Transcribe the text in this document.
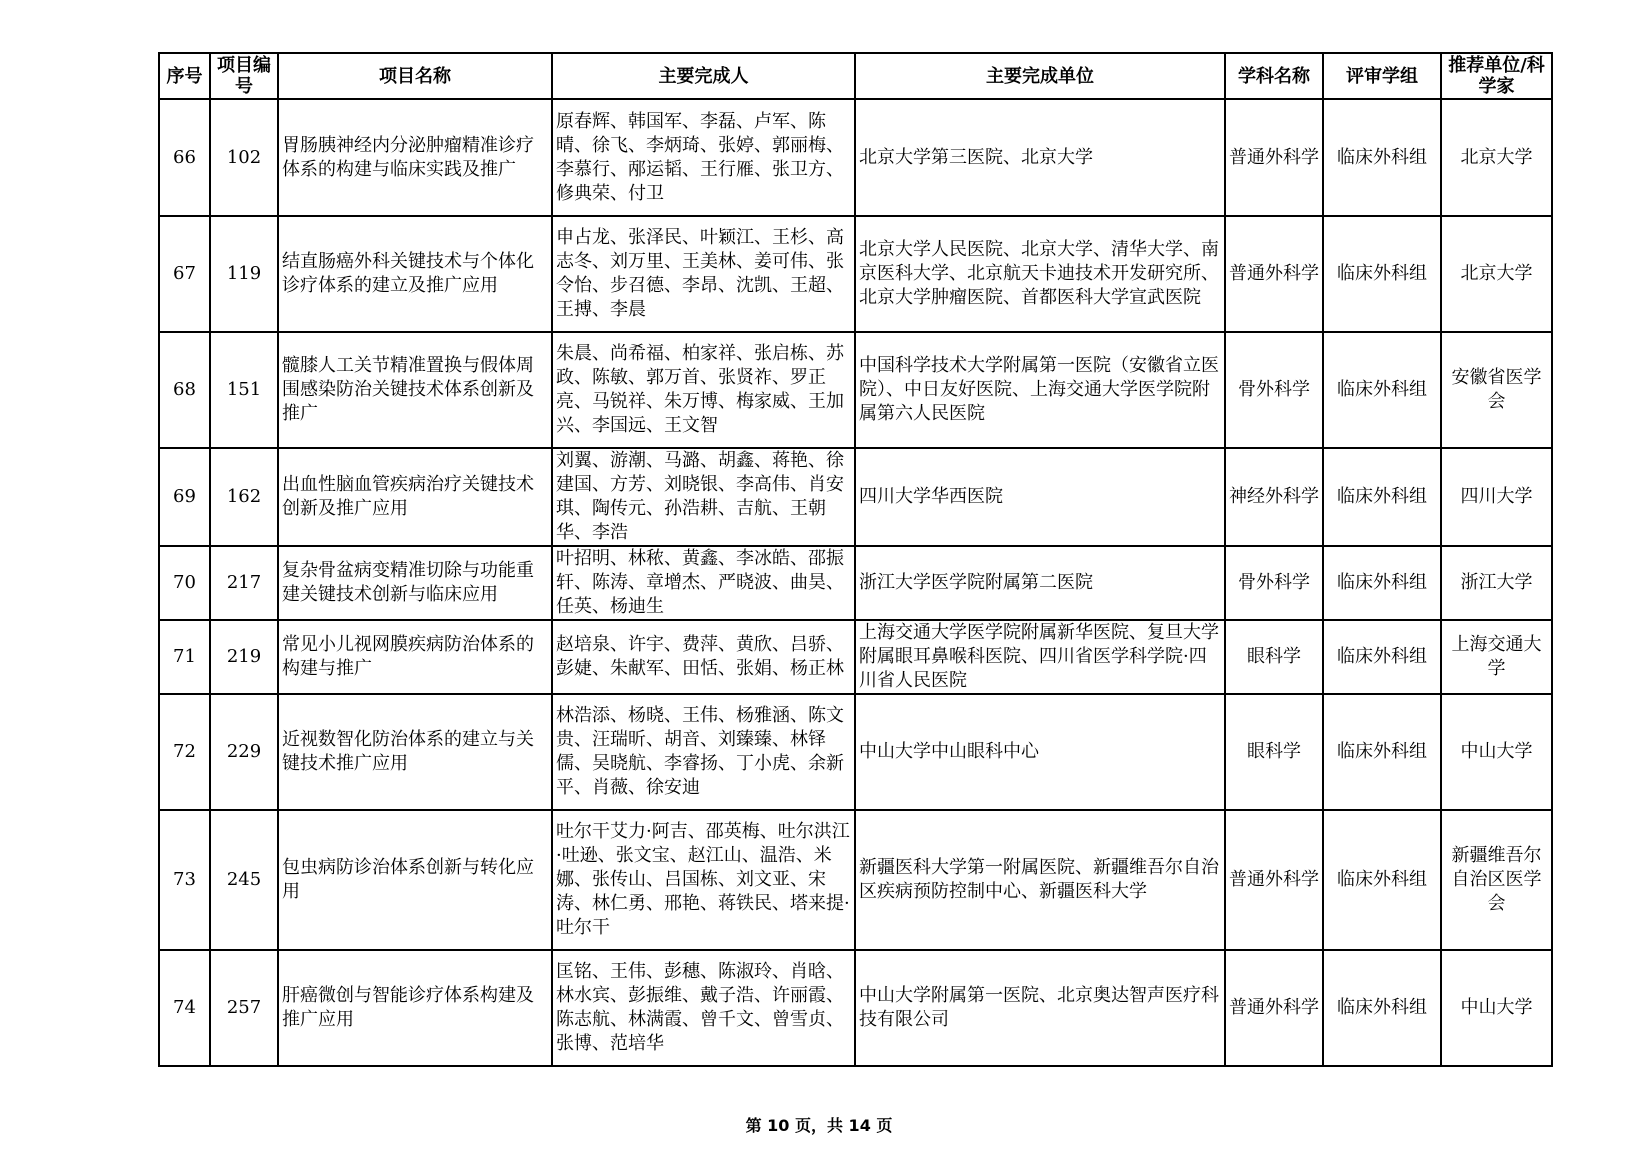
序号	项目编号	项目名称	主要完成人	主要完成单位	学科名称	评审学组	推荐单位/科学家
66	102	胃肠胰神经内分泌肿瘤精准诊疗体系的构建与临床实践及推广	原春辉、韩国军、李磊、卢军、陈晴、徐飞、李炳琦、张婷、郭丽梅、李慕行、邴运韬、王行雁、张卫方、修典荣、付卫	北京大学第三医院、北京大学	普通外科学	临床外科组	北京大学
67	119	结直肠癌外科关键技术与个体化诊疗体系的建立及推广应用	申占龙、张泽民、叶颖江、王杉、高志冬、刘万里、王美林、姜可伟、张令怡、步召德、李昂、沈凯、王超、王搏、李晨	北京大学人民医院、北京大学、清华大学、南京医科大学、北京航天卡迪技术开发研究所、北京大学肿瘤医院、首都医科大学宣武医院	普通外科学	临床外科组	北京大学
68	151	髋膝人工关节精准置换与假体周围感染防治关键技术体系创新及推广	朱晨、尚希福、柏家祥、张启栋、苏政、陈敏、郭万首、张贤祚、罗正亮、马锐祥、朱万博、梅家威、王加兴、李国远、王文智	中国科学技术大学附属第一医院（安徽省立医院）、中日友好医院、上海交通大学医学院附属第六人民医院	骨外科学	临床外科组	安徽省医学会
69	162	出血性脑血管疾病治疗关键技术创新及推广应用	刘翼、游潮、马潞、胡鑫、蒋艳、徐建国、方芳、刘晓银、李高伟、肖安琪、陶传元、孙浩耕、吉航、王朝华、李浩	四川大学华西医院	神经外科学	临床外科组	四川大学
70	217	复杂骨盆病变精准切除与功能重建关键技术创新与临床应用	叶招明、林秾、黄鑫、李冰皓、邵振轩、陈涛、章增杰、严晓波、曲昊、任英、杨迪生	浙江大学医学院附属第二医院	骨外科学	临床外科组	浙江大学
71	219	常见小儿视网膜疾病防治体系的构建与推广	赵培泉、许宇、费萍、黄欣、吕骄、彭婕、朱献军、田恬、张娟、杨正林	上海交通大学医学院附属新华医院、复旦大学附属眼耳鼻喉科医院、四川省医学科学院·四川省人民医院	眼科学	临床外科组	上海交通大学
72	229	近视数智化防治体系的建立与关键技术推广应用	林浩添、杨晓、王伟、杨雅涵、陈文贵、汪瑞昕、胡音、刘臻臻、林铎儒、吴晓航、李睿扬、丁小虎、余新平、肖薇、徐安迪	中山大学中山眼科中心	眼科学	临床外科组	中山大学
73	245	包虫病防诊治体系创新与转化应用	吐尔干艾力·阿吉、邵英梅、吐尔洪江·吐逊、张文宝、赵江山、温浩、米娜、张传山、吕国栋、刘文亚、宋涛、林仁勇、邢艳、蒋铁民、塔来提·吐尔干	新疆医科大学第一附属医院、新疆维吾尔自治区疾病预防控制中心、新疆医科大学	普通外科学	临床外科组	新疆维吾尔自治区医学会
74	257	肝癌微创与智能诊疗体系构建及推广应用	匡铭、王伟、彭穗、陈淑玲、肖晗、林水宾、彭振维、戴子浩、许丽霞、陈志航、林满霞、曾千文、曾雪贞、张博、范培华	中山大学附属第一医院、北京奥达智声医疗科技有限公司	普通外科学	临床外科组	中山大学
第 10 页，共 14 页
